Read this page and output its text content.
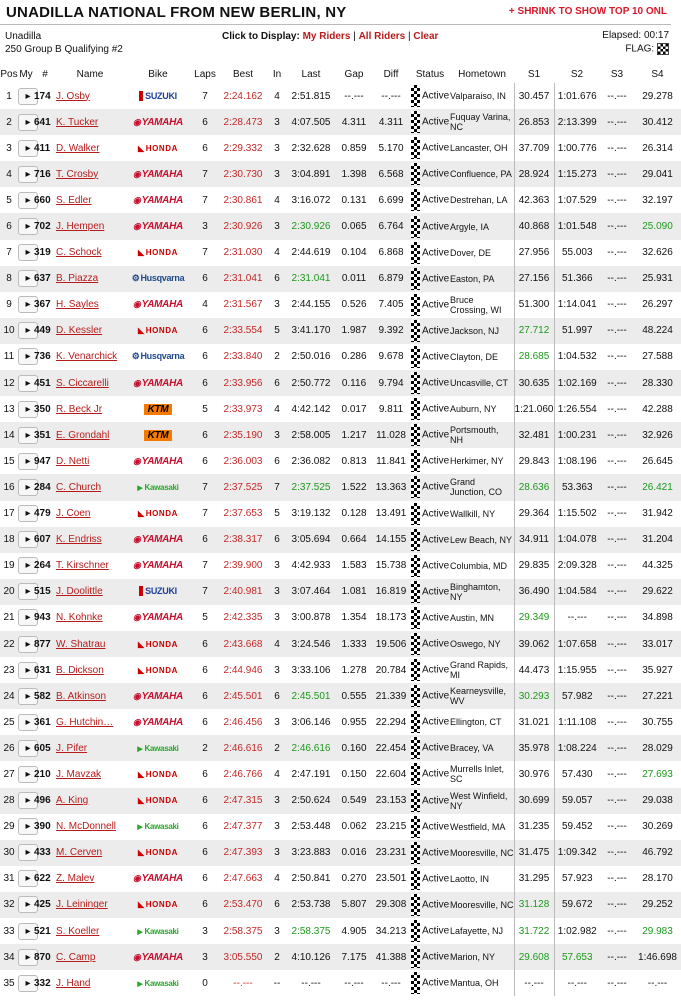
UNADILLA NATIONAL FROM NEW BERLIN, NY	+ SHRINK TO SHOW TOP 10 ONL
Unadilla
250 Group B Qualifying #2
Click to Display: My Riders | All Riders | Clear	Elapsed: 00:17
FLAG:
Pos	My	#	Name	Bike	Laps	Best	In	Last	Gap	Diff	Status	Hometown	S1	S2	S3	S4
1	▸	174	J. Osby	SUZUKI	7	2:24.162	4	2:51.815	--.---	--.---	Active	Valparaiso, IN	30.457	1:01.676	--.---	29.278
2	▸	641	K. Tucker	◉ YAMAHA	6	2:28.473	3	4:07.505	4.311	4.311	Active	Fuquay Varina, NC	26.853	2:13.399	--.---	30.412
3	▸	411	D. Walker	◣ HONDA	6	2:29.332	3	2:32.628	0.859	5.170	Active	Lancaster, OH	37.709	1:00.776	--.---	26.314
4	▸	716	T. Crosby	◉ YAMAHA	7	2:30.730	3	3:04.891	1.398	6.568	Active	Confluence, PA	28.924	1:15.273	--.---	29.041
5	▸	660	S. Edler	◉ YAMAHA	7	2:30.861	4	3:16.072	0.131	6.699	Active	Destrehan, LA	42.363	1:07.529	--.---	32.197
6	▸	702	J. Hempen	◉ YAMAHA	3	2:30.926	3	2:30.926	0.065	6.764	Active	Argyle, IA	40.868	1:01.548	--.---	25.090
7	▸	319	C. Schock	◣ HONDA	7	2:31.030	4	2:44.619	0.104	6.868	Active	Dover, DE	27.956	55.003	--.---	32.626
8	▸	637	B. Piazza	⚙ Husqvarna	6	2:31.041	6	2:31.041	0.011	6.879	Active	Easton, PA	27.156	51.366	--.---	25.931
9	▸	367	H. Sayles	◉ YAMAHA	4	2:31.567	3	2:44.155	0.526	7.405	Active	Bruce Crossing, WI	51.300	1:14.041	--.---	26.297
10	▸	449	D. Kessler	◣ HONDA	6	2:33.554	5	3:41.170	1.987	9.392	Active	Jackson, NJ	27.712	51.997	--.---	48.224
11	▸	736	K. Venarchick	⚙ Husqvarna	6	2:33.840	2	2:50.016	0.286	9.678	Active	Clayton, DE	28.685	1:04.532	--.---	27.588
12	▸	451	S. Ciccarelli	◉ YAMAHA	6	2:33.956	6	2:50.772	0.116	9.794	Active	Uncasville, CT	30.635	1:02.169	--.---	28.330
13	▸	350	R. Beck Jr	KTM	5	2:33.973	4	4:42.142	0.017	9.811	Active	Auburn, NY	1:21.060	1:26.554	--.---	42.288
14	▸	351	E. Grondahl	KTM	6	2:35.190	3	2:58.005	1.217	11.028	Active	Portsmouth, NH	32.481	1:00.231	--.---	32.926
15	▸	947	D. Netti	◉ YAMAHA	6	2:36.003	6	2:36.082	0.813	11.841	Active	Herkimer, NY	29.843	1:08.196	--.---	26.645
16	▸	284	C. Church	▶ Kawasaki	7	2:37.525	7	2:37.525	1.522	13.363	Active	Grand Junction, CO	28.636	53.363	--.---	26.421
17	▸	479	J. Coen	◣ HONDA	7	2:37.653	5	3:19.132	0.128	13.491	Active	Wallkill, NY	29.364	1:15.502	--.---	31.942
18	▸	607	K. Endriss	◉ YAMAHA	6	2:38.317	6	3:05.694	0.664	14.155	Active	Lew Beach, NY	34.911	1:04.078	--.---	31.204
19	▸	264	T. Kirschner	◉ YAMAHA	7	2:39.900	3	4:42.933	1.583	15.738	Active	Columbia, MD	29.835	2:09.328	--.---	44.325
20	▸	515	J. Doolittle	SUZUKI	7	2:40.981	3	3:07.464	1.081	16.819	Active	Binghamton, NY	36.490	1:04.584	--.---	29.622
21	▸	943	N. Kohnke	◉ YAMAHA	5	2:42.335	3	3:00.878	1.354	18.173	Active	Austin, MN	29.349	--.---	--.---	34.898
22	▸	877	W. Shatrau	◣ HONDA	6	2:43.668	4	3:24.546	1.333	19.506	Active	Oswego, NY	39.062	1:07.658	--.---	33.017
23	▸	631	B. Dickson	◣ HONDA	6	2:44.946	3	3:33.106	1.278	20.784	Active	Grand Rapids, MI	44.473	1:15.955	--.---	35.927
24	▸	582	B. Atkinson	◉ YAMAHA	6	2:45.501	6	2:45.501	0.555	21.339	Active	Kearneysville, WV	30.293	57.982	--.---	27.221
25	▸	361	G. Hutchin…	◉ YAMAHA	6	2:46.456	3	3:06.146	0.955	22.294	Active	Ellington, CT	31.021	1:11.108	--.---	30.755
26	▸	605	J. Pifer	▶ Kawasaki	2	2:46.616	2	2:46.616	0.160	22.454	Active	Bracey, VA	35.978	1:08.224	--.---	28.029
27	▸	210	J. Mavzak	◣ HONDA	6	2:46.766	4	2:47.191	0.150	22.604	Active	Murrells Inlet, SC	30.976	57.430	--.---	27.693
28	▸	496	A. King	◣ HONDA	6	2:47.315	3	2:50.624	0.549	23.153	Active	West Winfield, NY	30.699	59.057	--.---	29.038
29	▸	390	N. McDonnell	▶ Kawasaki	6	2:47.377	3	2:53.448	0.062	23.215	Active	Westfield, MA	31.235	59.452	--.---	30.269
30	▸	433	M. Cerven	◣ HONDA	6	2:47.393	3	3:23.883	0.016	23.231	Active	Mooresville, NC	31.475	1:09.342	--.---	46.792
31	▸	622	Z. Malev	◉ YAMAHA	6	2:47.663	4	2:50.841	0.270	23.501	Active	Laotto, IN	31.295	57.923	--.---	28.170
32	▸	425	J. Leininger	◣ HONDA	6	2:53.470	6	2:53.738	5.807	29.308	Active	Mooresville, NC	31.128	59.672	--.---	29.252
33	▸	521	S. Koeller	▶ Kawasaki	3	2:58.375	3	2:58.375	4.905	34.213	Active	Lafayette, NJ	31.722	1:02.982	--.---	29.983
34	▸	870	C. Camp	◉ YAMAHA	3	3:05.550	2	4:10.126	7.175	41.388	Active	Marion, NY	29.608	57.653	--.---	1:46.698
35	▸	332	J. Hand	▶ Kawasaki	0	--.---	--	--.---	--.---	--.---	Active	Mantua, OH	--.---	--.---	--.---	--.---
